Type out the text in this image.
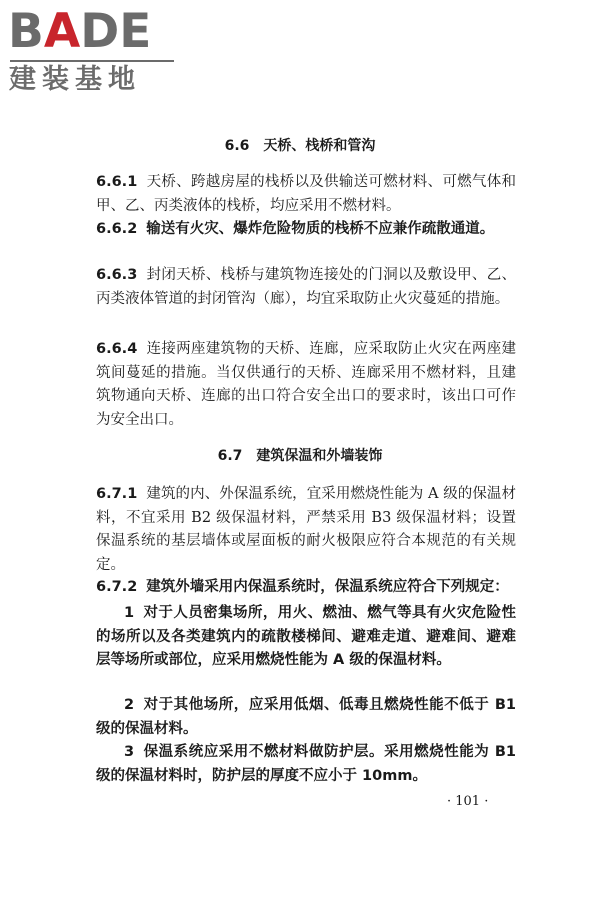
BADE
建装基地
6.6　天桥、栈桥和管沟

6.6.1 天桥、跨越房屋的栈桥以及供输送可燃材料、可燃气体和甲、乙、丙类液体的栈桥，均应采用不燃材料。

6.6.2 输送有火灾、爆炸危险物质的栈桥不应兼作疏散通道。

6.6.3 封闭天桥、栈桥与建筑物连接处的门洞以及敷设甲、乙、丙类液体管道的封闭管沟（廊），均宜采取防止火灾蔓延的措施。

6.6.4 连接两座建筑物的天桥、连廊，应采取防止火灾在两座建筑间蔓延的措施。当仅供通行的天桥、连廊采用不燃材料，且建筑物通向天桥、连廊的出口符合安全出口的要求时，该出口可作为安全出口。

6.7　建筑保温和外墙装饰

6.7.1 建筑的内、外保温系统，宜采用燃烧性能为 A 级的保温材料，不宜采用 B2 级保温材料，严禁采用 B3 级保温材料；设置保温系统的基层墙体或屋面板的耐火极限应符合本规范的有关规定。

6.7.2 建筑外墙采用内保温系统时，保温系统应符合下列规定：

1 对于人员密集场所，用火、燃油、燃气等具有火灾危险性的场所以及各类建筑内的疏散楼梯间、避难走道、避难间、避难层等场所或部位，应采用燃烧性能为 A 级的保温材料。

2 对于其他场所，应采用低烟、低毒且燃烧性能不低于 B1 级的保温材料。

3 保温系统应采用不燃材料做防护层。采用燃烧性能为 B1 级的保温材料时，防护层的厚度不应小于 10mm。

· 101 ·
